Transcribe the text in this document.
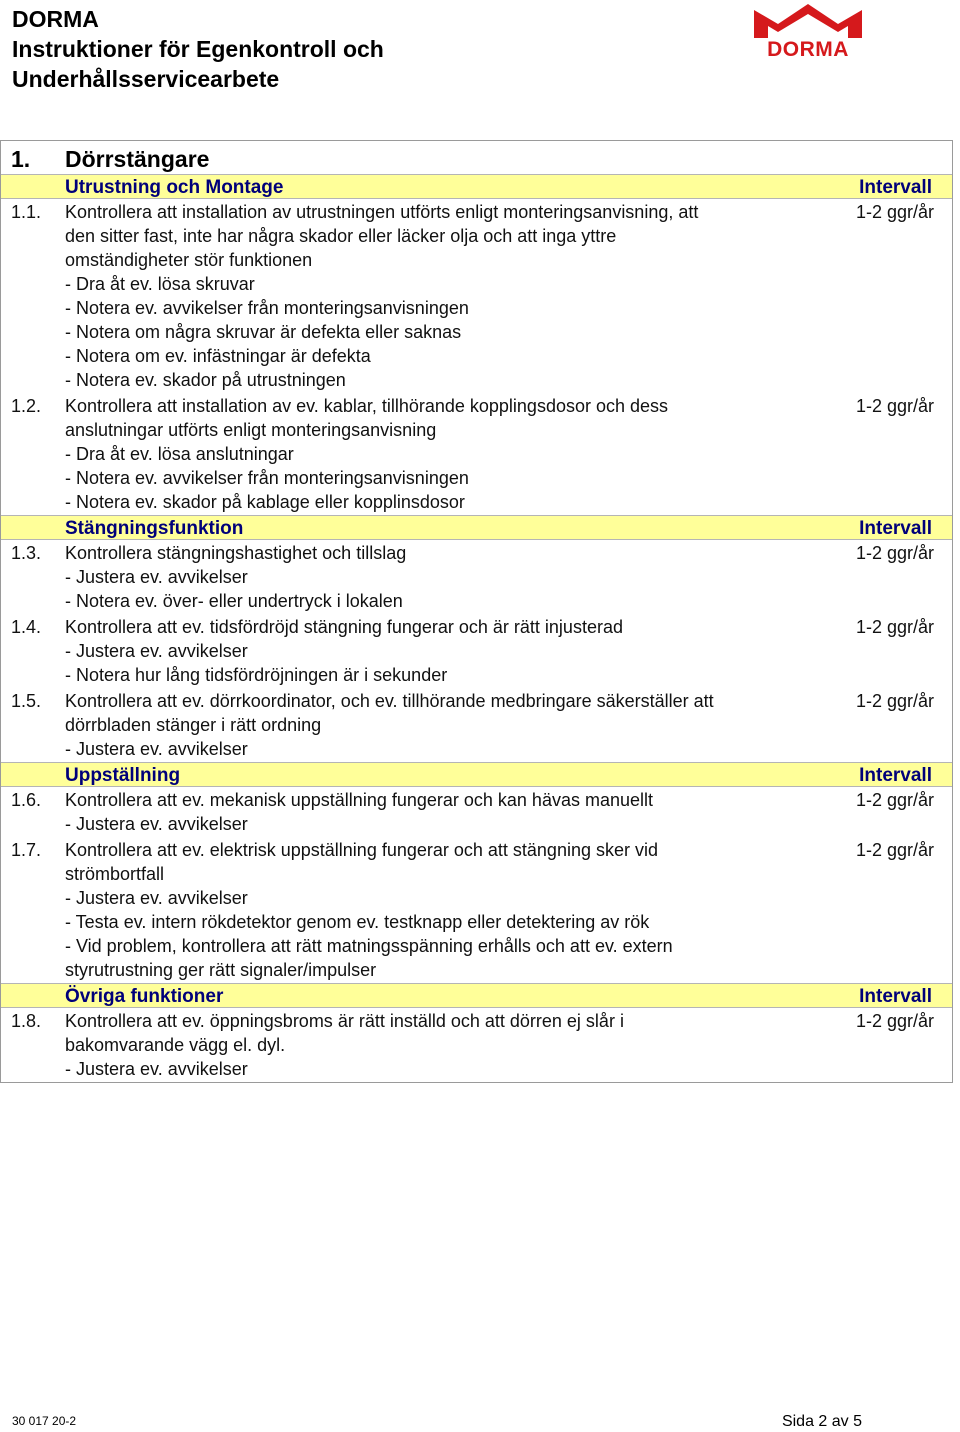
DORMA
Instruktioner för Egenkontroll och
Underhållsservicearbete
DORMA
1. Dörrstängare
Utrustning och Montage	Intervall
1.1. Kontrollera att installation av utrustningen utförts enligt monteringsanvisning, att
den sitter fast, inte har några skador eller läcker olja och att inga yttre
omständigheter stör funktionen
- Dra åt ev. lösa skruvar
- Notera ev. avvikelser från monteringsanvisningen
- Notera om några skruvar är defekta eller saknas
- Notera om ev. infästningar är defekta
- Notera ev. skador på utrustningen
1-2 ggr/år
1.2. Kontrollera att installation av ev. kablar, tillhörande kopplingsdosor och dess
anslutningar utförts enligt monteringsanvisning
- Dra åt ev. lösa anslutningar
- Notera ev. avvikelser från monteringsanvisningen
- Notera ev. skador på kablage eller kopplinsdosor
1-2 ggr/år
Stängningsfunktion	Intervall
1.3. Kontrollera stängningshastighet och tillslag
- Justera ev. avvikelser
- Notera ev. över- eller undertryck i lokalen
1-2 ggr/år
1.4. Kontrollera att ev. tidsfördröjd stängning fungerar och är rätt injusterad
- Justera ev. avvikelser
- Notera hur lång tidsfördröjningen är i sekunder
1-2 ggr/år
1.5. Kontrollera att ev. dörrkoordinator, och ev. tillhörande medbringare säkerställer att
dörrbladen stänger i rätt ordning
- Justera ev. avvikelser
1-2 ggr/år
Uppställning	Intervall
1.6. Kontrollera att ev. mekanisk uppställning fungerar och kan hävas manuellt
- Justera ev. avvikelser
1-2 ggr/år
1.7. Kontrollera att ev. elektrisk uppställning fungerar och att stängning sker vid
strömbortfall
- Justera ev. avvikelser
- Testa ev. intern rökdetektor genom ev. testknapp eller detektering av rök
- Vid problem, kontrollera att rätt matningsspänning erhålls och att ev. extern
styrutrustning ger rätt signaler/impulser
1-2 ggr/år
Övriga funktioner	Intervall
1.8. Kontrollera att ev. öppningsbroms är rätt inställd och att dörren ej slår i
bakomvarande vägg el. dyl.
- Justera ev. avvikelser
1-2 ggr/år
30 017 20-2	Sida 2 av 5
